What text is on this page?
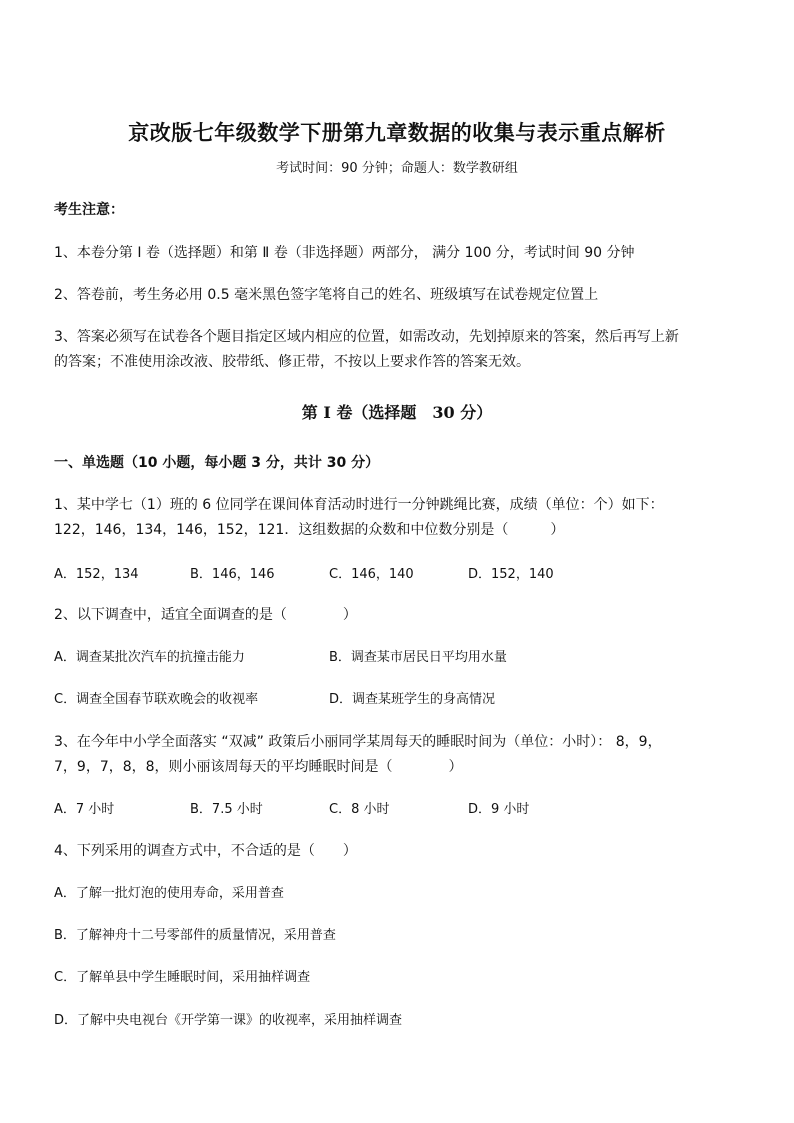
京改版七年级数学下册第九章数据的收集与表示重点解析
考试时间：90 分钟；命题人：数学教研组
考生注意：
1、本卷分第 Ⅰ 卷（选择题）和第 Ⅱ 卷（非选择题）两部分， 满分 100 分，考试时间 90 分钟
2、答卷前，考生务必用 0.5 毫米黑色签字笔将自己的姓名、班级填写在试卷规定位置上
3、答案必须写在试卷各个题目指定区域内相应的位置，如需改动，先划掉原来的答案，然后再写上新
的答案；不准使用涂改液、胶带纸、修正带，不按以上要求作答的答案无效。
第 Ⅰ 卷（选择题　30 分）
一、单选题（10 小题，每小题 3 分，共计 30 分）
1、某中学七（1）班的 6 位同学在课间体育活动时进行一分钟跳绳比赛，成绩（单位：个）如下：
122，146，134，146，152，121．这组数据的众数和中位数分别是（　　　）
A．152，134	B．146，146	C．146，140	D．152，140
2、以下调查中，适宜全面调查的是（　　　　）
A．调查某批次汽车的抗撞击能力	B．调查某市居民日平均用水量
C．调查全国春节联欢晚会的收视率	D．调查某班学生的身高情况
3、在今年中小学全面落实 “双减” 政策后小丽同学某周每天的睡眠时间为（单位：小时）： 8，9，
7，9，7，8，8，则小丽该周每天的平均睡眠时间是（　　　　）
A．7 小时	B．7.5 小时	C．8 小时	D．9 小时
4、下列采用的调查方式中，不合适的是（　　）
A．了解一批灯泡的使用寿命，采用普查
B．了解神舟十二号零部件的质量情况，采用普查
C．了解单县中学生睡眠时间，采用抽样调查
D．了解中央电视台《开学第一课》的收视率，采用抽样调查
